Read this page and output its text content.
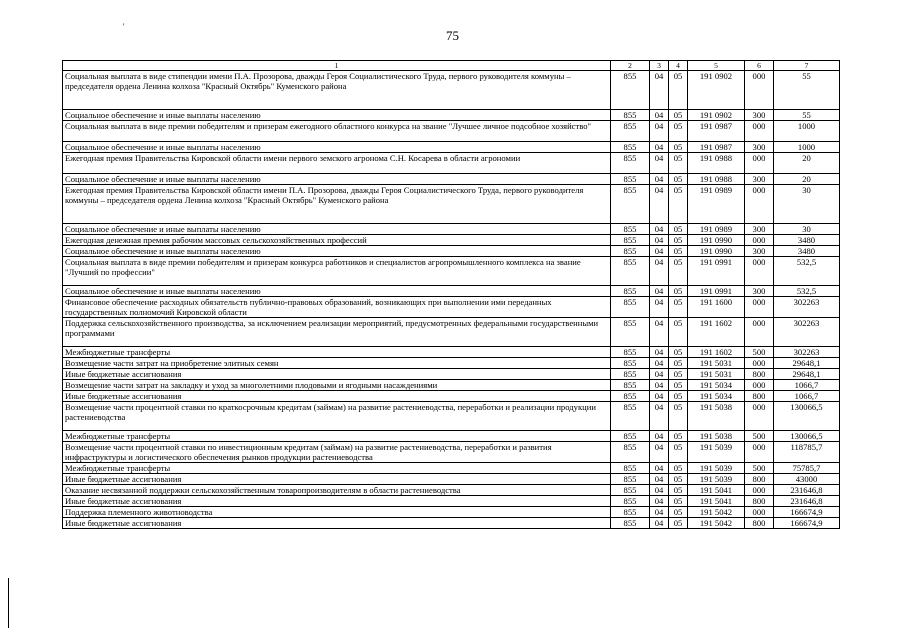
75
'
1	2	3	4	5	6	7
Социальная выплата в виде стипендии имени П.А. Прозорова, дважды Героя Социалистического Труда, первого руководителя коммуны – председателя ордена Ленина колхоза "Красный Октябрь" Куменского района	855	04	05	191 0902	000	55
Социальное обеспечение и иные выплаты населению	855	04	05	191 0902	300	55
Социальная выплата в виде премии победителям и призерам ежегодного областного конкурса на звание "Лучшее личное подсобное хозяйство"	855	04	05	191 0987	000	1000
Социальное обеспечение и иные выплаты населению	855	04	05	191 0987	300	1000
Ежегодная премия Правительства Кировской области имени первого земского агронома С.Н. Косарева в области агрономии	855	04	05	191 0988	000	20
Социальное обеспечение и иные выплаты населению	855	04	05	191 0988	300	20
Ежегодная премия Правительства Кировской области имени П.А. Прозорова, дважды Героя Социалистического Труда, первого руководителя коммуны – председателя ордена Ленина колхоза "Красный Октябрь" Куменского района	855	04	05	191 0989	000	30
Социальное обеспечение и иные выплаты населению	855	04	05	191 0989	300	30
Ежегодная денежная премия рабочим массовых сельскохозяйственных профессий	855	04	05	191 0990	000	3480
Социальное обеспечение и иные выплаты населению	855	04	05	191 0990	300	3480
Социальная выплата в виде премии победителям и призерам конкурса работников и специалистов агропромышленного комплекса на звание "Лучший по профессии"	855	04	05	191 0991	000	532,5
Социальное обеспечение и иные выплаты населению	855	04	05	191 0991	300	532,5
Финансовое обеспечение расходных обязательств публично-правовых образований, возникающих при выполнении ими переданных государственных полномочий Кировской области	855	04	05	191 1600	000	302263
Поддержка сельскохозяйственного производства, за исключением реализации мероприятий, предусмотренных федеральными государственными программами	855	04	05	191 1602	000	302263
Межбюджетные трансферты	855	04	05	191 1602	500	302263
Возмещение части затрат на приобретение элитных семян	855	04	05	191 5031	000	29648,1
Иные бюджетные ассигнования	855	04	05	191 5031	800	29648,1
Возмещение части затрат на закладку и уход за многолетними плодовыми и ягодными насаждениями	855	04	05	191 5034	000	1066,7
Иные бюджетные ассигнования	855	04	05	191 5034	800	1066,7
Возмещение части процентной ставки по краткосрочным кредитам (займам) на развитие растениеводства, переработки и реализации продукции растениеводства	855	04	05	191 5038	000	130066,5
Межбюджетные трансферты	855	04	05	191 5038	500	130066,5
Возмещение части процентной ставки по инвестиционным кредитам (займам) на развитие растениеводства, переработки и развития инфраструктуры и логистического обеспечения рынков продукции растениеводства	855	04	05	191 5039	000	118785,7
Межбюджетные трансферты	855	04	05	191 5039	500	75785,7
Иные бюджетные ассигнования	855	04	05	191 5039	800	43000
Оказание несвязанной поддержки сельскохозяйственным товаропроизводителям в области растениеводства	855	04	05	191 5041	000	231646,8
Иные бюджетные ассигнования	855	04	05	191 5041	800	231646,8
Поддержка племенного животноводства	855	04	05	191 5042	000	166674,9
Иные бюджетные ассигнования	855	04	05	191 5042	800	166674,9
